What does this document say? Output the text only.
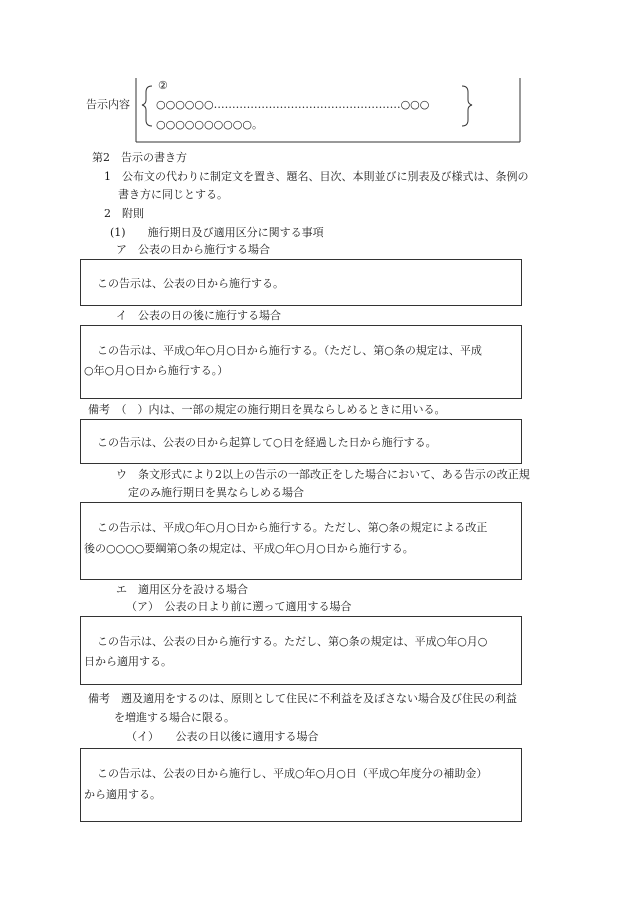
告示内容
②
○○○○○○……………………………………………○○○
○○○○○○○○○○。
第2　告示の書き方
1　公布文の代わりに制定文を置き、題名、目次、本則並びに別表及び様式は、条例の
書き方に同じとする。
2　附則
(1)　　施行期日及び適用区分に関する事項
ア　公表の日から施行する場合
この告示は、公表の日から施行する。
イ　公表の日の後に施行する場合
この告示は、平成○年○月○日から施行する。（ただし、第○条の規定は、平成
○年○月○日から施行する。）
備考　（　）内は、一部の規定の施行期日を異ならしめるときに用いる。
この告示は、公表の日から起算して○日を経過した日から施行する。
ウ　条文形式により2以上の告示の一部改正をした場合において、ある告示の改正規
定のみ施行期日を異ならしめる場合
この告示は、平成○年○月○日から施行する。ただし、第○条の規定による改正
後の○○○○要綱第○条の規定は、平成○年○月○日から施行する。
エ　適用区分を設ける場合
（ア）　公表の日より前に遡って適用する場合
この告示は、公表の日から施行する。ただし、第○条の規定は、平成○年○月○
日から適用する。
備考　遡及適用をするのは、原則として住民に不利益を及ぼさない場合及び住民の利益
を増進する場合に限る。
（イ）　　公表の日以後に適用する場合
この告示は、公表の日から施行し、平成○年○月○日（平成○年度分の補助金）
から適用する。
